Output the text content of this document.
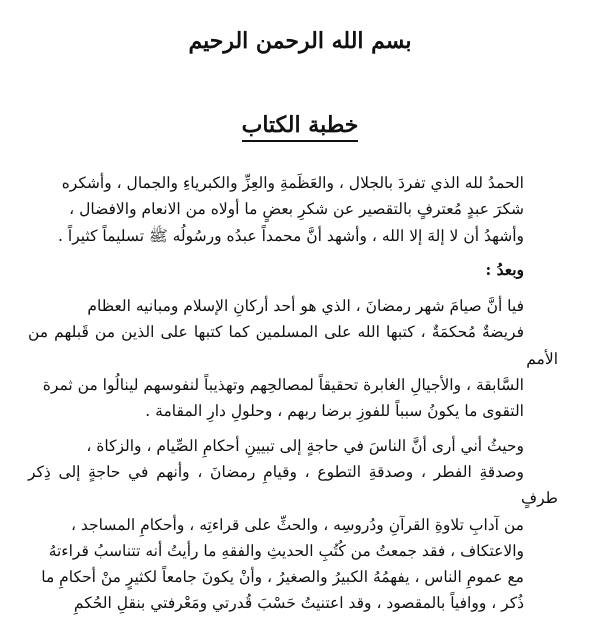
بسم الله الرحمن الرحيم
خطبة الكتاب

الحمدُ لله الذي تفردَ بالجلال ، والعَظَمةِ والعِزِّ والكبرياءِ والجمال ، وأشكره
شكرَ عبدٍ مُعترفٍ بالتقصير عن شكرِ بعضٍ ما أولاه من الانعام والافضال ،
وأشهدُ أن لا إلهَ إلا الله ، وأشهد أنَّ محمداً عبدُه ورسُولُه ﷺ تسليماً كثيراً .

وبعدُ :

فيا أنَّ صيامَ شهر رمضانَ ، الذي هو أحد أركانِ الإسلام ومبانيه العظام
فريضةٌ مُحكمَةٌ ، كتبها الله على المسلمين كما كتبها على الذين من قَبلهم من الأمم
السَّابقة ، والأجيالِ الغابرة تحقيقاً لمصالحِهم وتهذيباً لنفوسهم لينالُوا من ثمرة
التقوى ما يكونُ سبباً للفوزِ برضا ربهم ، وحلولِ دارِ المقامة .

وحيثُ أني أرى أنَّ الناسَ في حاجةٍ إلى تبيينِ أحكامِ الصِّيام ، والزكاة ،
وصدقةِ الفطر ، وصدقةِ التطوع ، وقيامِ رمضانَ ، وأنهم في حاجةٍ إلى ذِكر طرفٍ
من آدابِ تلاوةِ القرآنِ ودُروسِه ، والحثِّ على قراءتِه ، وأحكامِ المساجد ،
والاعتكاف ، فقد جمعتُ من كُتُبِ الحديثِ والفقهِ ما رأيتُ أنه تتناسبُ قراءتهُ
مع عمومِ الناس ، يفهمُهُ الكبيرُ والصغيرُ ، وأنْ يكونَ جامعاً لكثيرٍ منْ أحكامِ ما
ذُكر ، ووافياً بالمقصود ، وقد اعتنيتُ حَسْبَ قُدرتي ومَعْرفتي بنقلِ الحُكمِ
